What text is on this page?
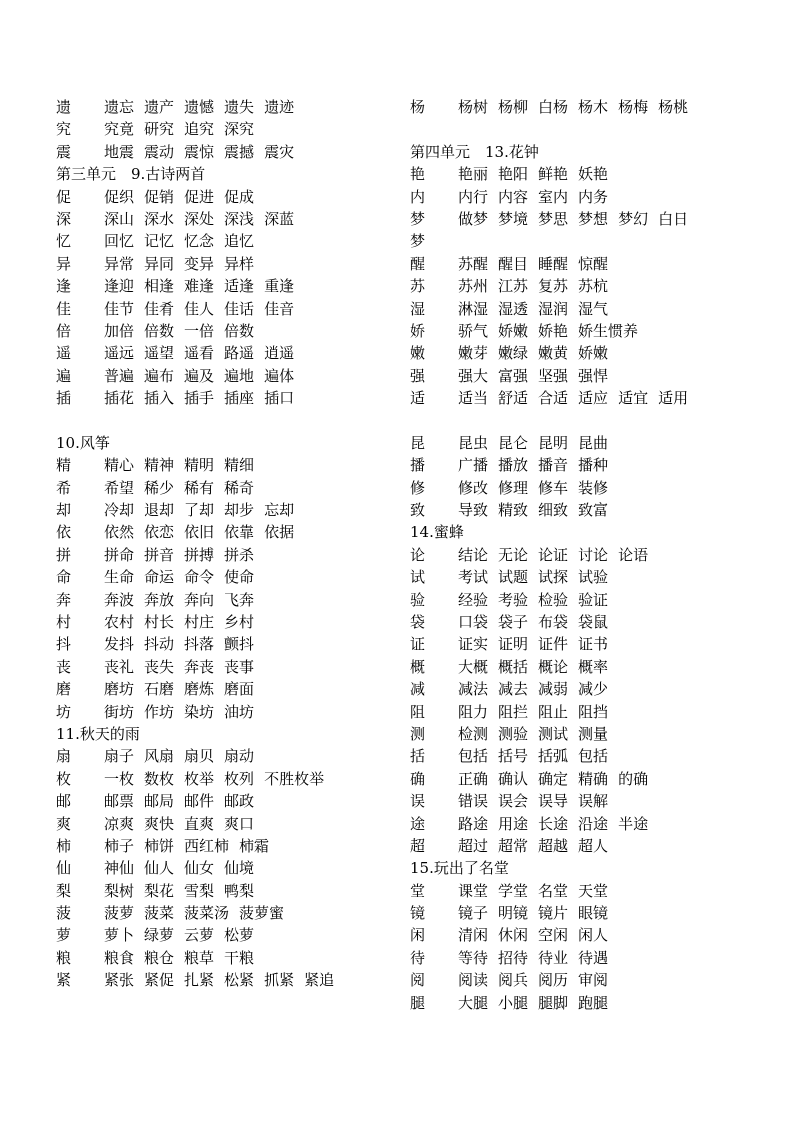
遗 遗忘 遗产 遗憾 遗失 遗迹
究 究竟 研究 追究 深究
震 地震 震动 震惊 震撼 震灾
第三单元　9.古诗两首
促 促织 促销 促进 促成
深 深山 深水 深处 深浅 深蓝
忆 回忆 记忆 忆念 追忆
异 异常 异同 变异 异样
逢 逢迎 相逢 难逢 适逢 重逢
佳 佳节 佳肴 佳人 佳话 佳音
倍 加倍 倍数 一倍 倍数
遥 遥远 遥望 遥看 路遥 逍遥
遍 普遍 遍布 遍及 遍地 遍体
插 插花 插入 插手 插座 插口
10.风筝
精 精心 精神 精明 精细
希 希望 稀少 稀有 稀奇
却 冷却 退却 了却 却步 忘却
依 依然 依恋 依旧 依靠 依据
拼 拼命 拼音 拼搏 拼杀
命 生命 命运 命令 使命
奔 奔波 奔放 奔向 飞奔
村 农村 村长 村庄 乡村
抖 发抖 抖动 抖落 颤抖
丧 丧礼 丧失 奔丧 丧事
磨 磨坊 石磨 磨炼 磨面
坊 街坊 作坊 染坊 油坊
11.秋天的雨
扇 扇子 风扇 扇贝 扇动
枚 一枚 数枚 枚举 枚列 不胜枚举
邮 邮票 邮局 邮件 邮政
爽 凉爽 爽快 直爽 爽口
柿 柿子 柿饼 西红柿 柿霜
仙 神仙 仙人 仙女 仙境
梨 梨树 梨花 雪梨 鸭梨
菠 菠萝 菠菜 菠菜汤 菠萝蜜
萝 萝卜 绿萝 云萝 松萝
粮 粮食 粮仓 粮草 干粮
紧 紧张 紧促 扎紧 松紧 抓紧 紧追
杨 杨树 杨柳 白杨 杨木 杨梅 杨桃
第四单元　13.花钟
艳 艳丽 艳阳 鲜艳 妖艳
内 内行 内容 室内 内务
梦 做梦 梦境 梦思 梦想 梦幻 白日
梦
醒 苏醒 醒目 睡醒 惊醒
苏 苏州 江苏 复苏 苏杭
湿 淋湿 湿透 湿润 湿气
娇 骄气 娇嫩 娇艳 娇生惯养
嫩 嫩芽 嫩绿 嫩黄 娇嫩
强 强大 富强 坚强 强悍
适 适当 舒适 合适 适应 适宜 适用
昆 昆虫 昆仑 昆明 昆曲
播 广播 播放 播音 播种
修 修改 修理 修车 装修
致 导致 精致 细致 致富
14.蜜蜂
论 结论 无论 论证 讨论 论语
试 考试 试题 试探 试验
验 经验 考验 检验 验证
袋 口袋 袋子 布袋 袋鼠
证 证实 证明 证件 证书
概 大概 概括 概论 概率
减 减法 减去 减弱 减少
阻 阻力 阻拦 阻止 阻挡
测 检测 测验 测试 测量
括 包括 括号 括弧 包括
确 正确 确认 确定 精确 的确
误 错误 误会 误导 误解
途 路途 用途 长途 沿途 半途
超 超过 超常 超越 超人
15.玩出了名堂
堂 课堂 学堂 名堂 天堂
镜 镜子 明镜 镜片 眼镜
闲 清闲 休闲 空闲 闲人
待 等待 招待 待业 待遇
阅 阅读 阅兵 阅历 审阅
腿 大腿 小腿 腿脚 跑腿
